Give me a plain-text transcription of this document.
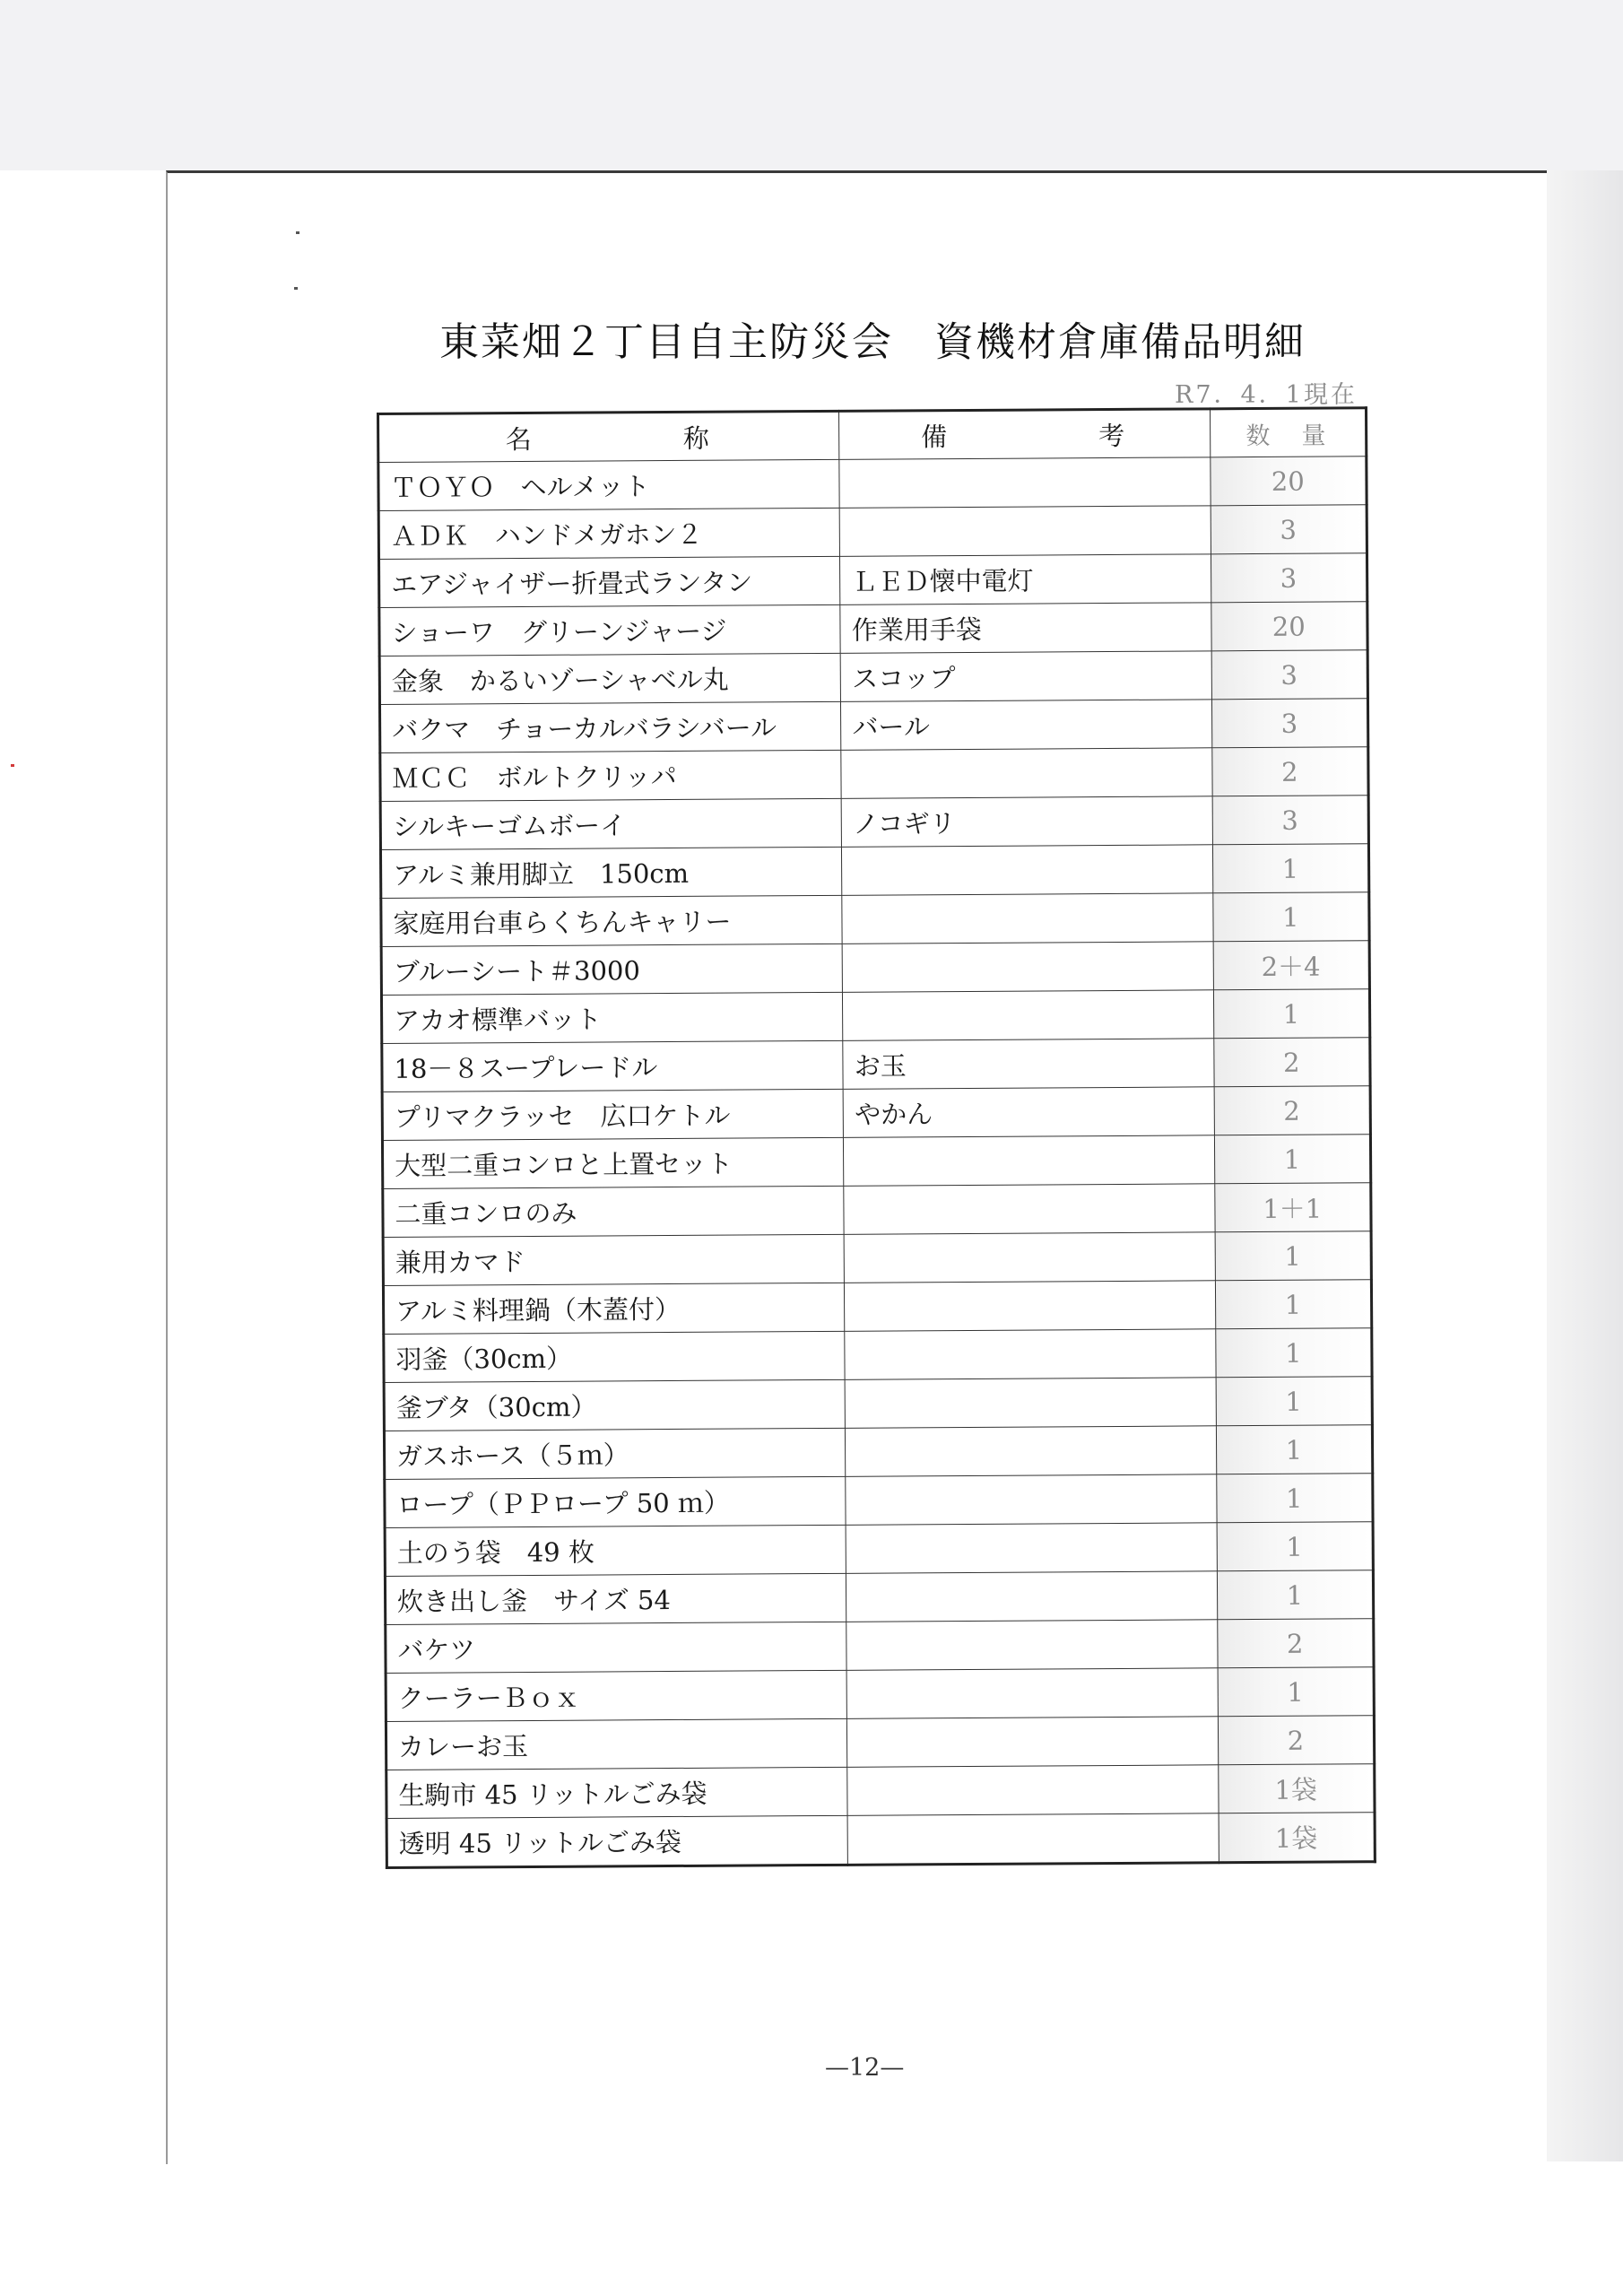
東菜畑２丁目自主防災会　資機材倉庫備品明細
R7．4．1現在
名　　　　　称	備　　　　　考	数　量
ＴＯＹＯ　ヘルメット		20
ＡＤＫ　ハンドメガホン２		3
エアジャイザー折畳式ランタン	ＬＥＤ懐中電灯	3
ショーワ　グリーンジャージ	作業用手袋	20
金象　かるいゾーシャベル丸	スコップ	3
バクマ　チョーカルバラシバール	バール	3
ＭＣＣ　ボルトクリッパ		2
シルキーゴムボーイ	ノコギリ	3
アルミ兼用脚立　150cm		1
家庭用台車らくちんキャリー		1
ブルーシート＃3000		2＋4
アカオ標準バット		1
18－８スープレードル	お玉	2
プリマクラッセ　広口ケトル	やかん	2
大型二重コンロと上置セット		1
二重コンロのみ		1＋1
兼用カマド		1
アルミ料理鍋（木蓋付）		1
羽釜（30cm）		1
釜ブタ（30cm）		1
ガスホース（５ｍ）		1
ロープ（ＰＰロープ 50 ｍ）		1
土のう袋　49 枚		1
炊き出し釜　サイズ 54		1
バケツ		2
クーラーＢｏｘ		1
カレーお玉		2
生駒市 45 リットルごみ袋		1袋
透明 45 リットルごみ袋		1袋
—12—
